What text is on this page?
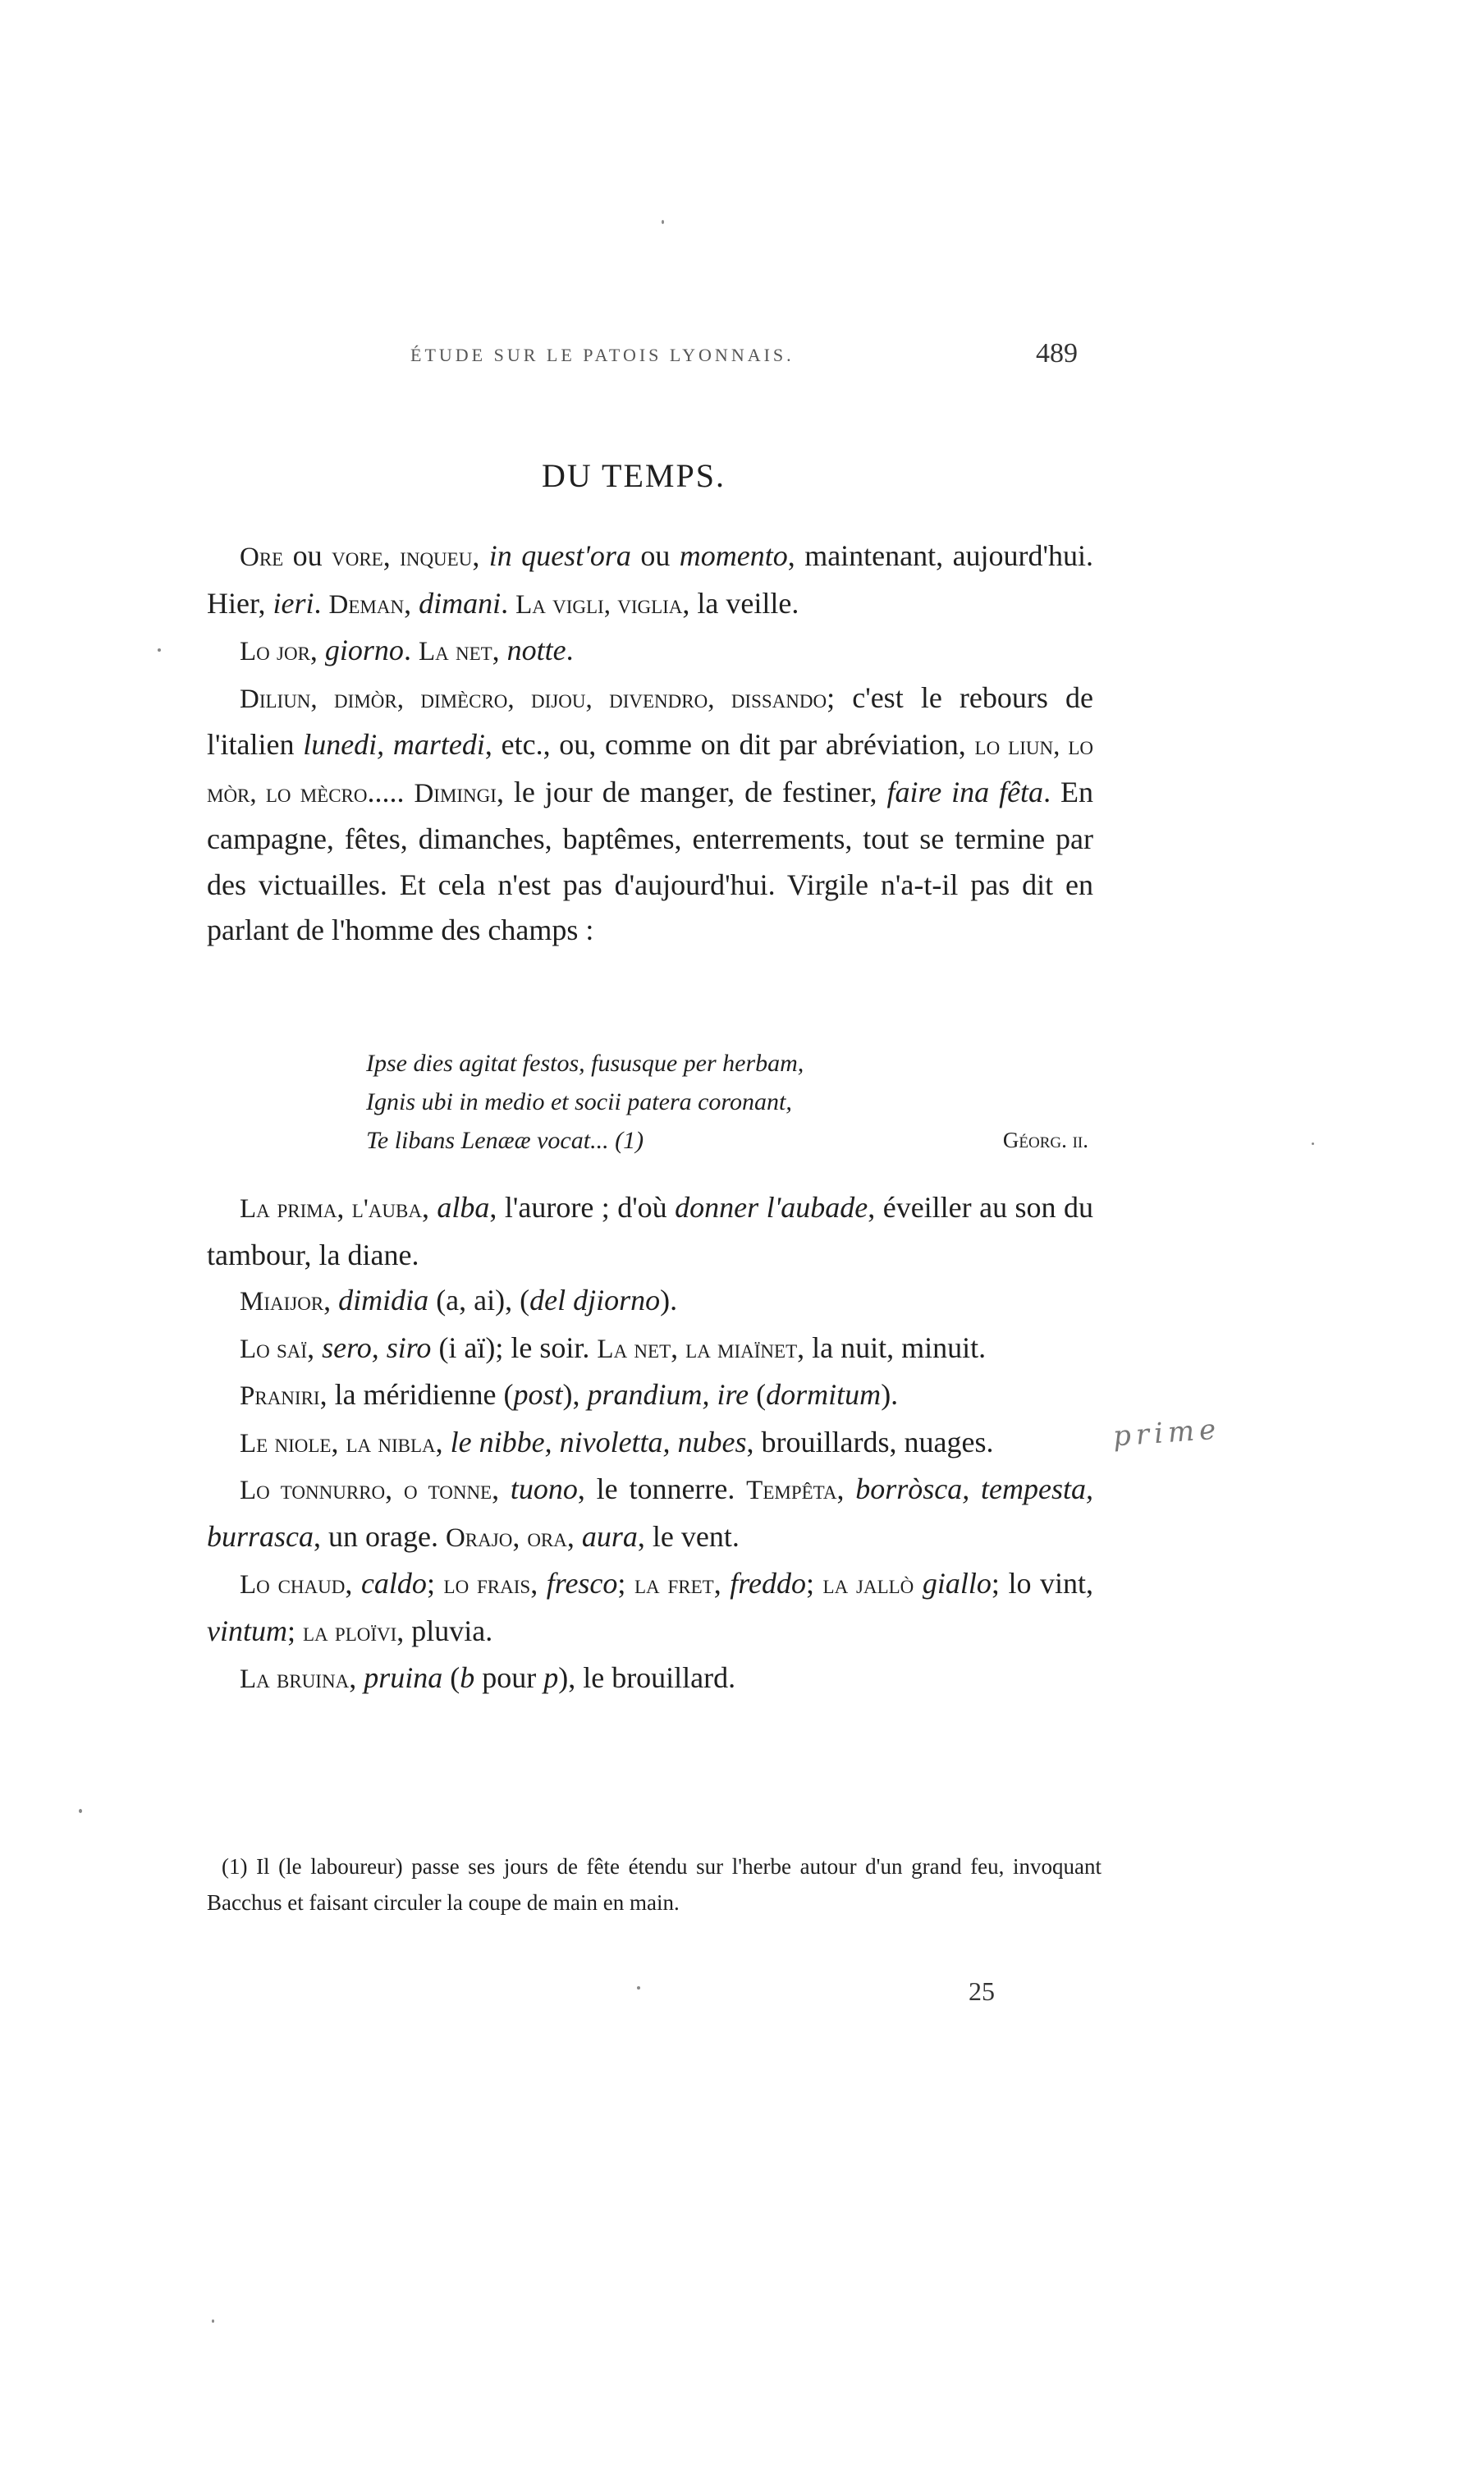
ÉTUDE SUR LE PATOIS LYONNAIS.	489
DU TEMPS.

Ore ou vore, inqueu, in quest'ora ou momento, maintenant, aujourd'hui. Hier, ieri. Deman, dimani. La vigli, viglia, la veille.

Lo jor, giorno. La net, notte.

Diliun, dimòr, dimècro, dijou, divendro, dissando; c'est le rebours de l'italien lunedi, martedi, etc., ou, comme on dit par abréviation, lo liun, lo mòr, lo mècro..... Dimingi, le jour de manger, de festiner, faire ina fêta. En campagne, fêtes, dimanches, baptêmes, enterrements, tout se termine par des victuailles. Et cela n'est pas d'aujourd'hui. Virgile n'a-t-il pas dit en parlant de l'homme des champs :

Ipse dies agitat festos, fususque per herbam,
Ignis ubi in medio et socii patera coronant,
Te libans Lenææ vocat... (1)	Géorg. ii.

La prima, l'auba, alba, l'aurore ; d'où donner l'aubade, éveiller au son du tambour, la diane.

Miaijor, dimidia (a, ai), (del djiorno).

Lo saï, sero, siro (i aï); le soir. La net, la miaïnet, la nuit, minuit.

Praniri, la méridienne (post), prandium, ire (dormitum).

Le niole, la nibla, le nibbe, nivoletta, nubes, brouillards, nuages.

Lo tonnurro, o tonne, tuono, le tonnerre. Tempêta, borròsca, tempesta, burrasca, un orage. Orajo, ora, aura, le vent.

Lo chaud, caldo; lo frais, fresco; la fret, freddo; la jallò giallo; lo vint, vintum; la ploïvi, pluvia.

La bruina, pruina (b pour p), le brouillard.

(1) Il (le laboureur) passe ses jours de fête étendu sur l'herbe autour d'un grand feu, invoquant Bacchus et faisant circuler la coupe de main en main.

25
prime
